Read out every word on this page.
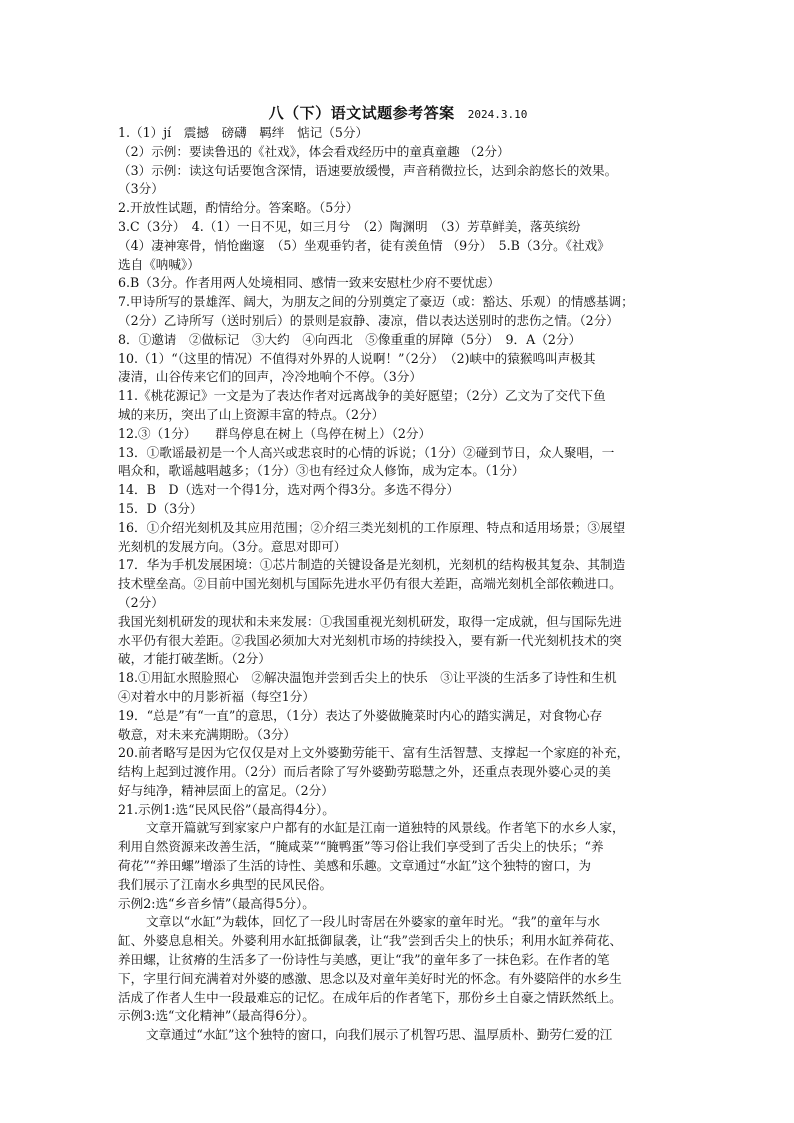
八（下）语文试题参考答案 2024.3.10
1.（1）jí　震撼　磅礴　羁绊　惦记（5分）
（2）示例：要读鲁迅的《社戏》，体会看戏经历中的童真童趣 （2分）
（3）示例：读这句话要饱含深情，语速要放缓慢，声音稍微拉长，达到余韵悠长的效果。
（3分）
2.开放性试题，酌情给分。答案略。（5分）
3.C（3分）　4.（1）一日不见，如三月兮　（2）陶渊明　（3）芳草鲜美，落英缤纷
（4）凄神寒骨，悄怆幽邃　（5）坐观垂钓者，徒有羡鱼情 （9分）　5.B（3分。《社戏》
选自《呐喊》）
6.B（3分。作者用两人处境相同、感情一致来安慰杜少府不要忧虑）
7.甲诗所写的景雄浑、阔大，为朋友之间的分别奠定了豪迈（或：豁达、乐观）的情感基调；
（2分）乙诗所写（送时别后）的景则是寂静、凄凉，借以表达送别时的悲伤之情。（2分）
8．①邀请　②做标记　③大约　④向西北　⑤像重重的屏障（5分）　9．A（2分）
10.（1）“（这里的情况）不值得对外界的人说啊！”（2分）　（2)峡中的猿猴鸣叫声极其
凄清，山谷传来它们的回声，冷冷地响个不停。（3分）
11.《桃花源记》一文是为了表达作者对远离战争的美好愿望；（2分）乙文为了交代下鱼
城的来历，突出了山上资源丰富的特点。（2分）
12.③（1分）　　群鸟停息在树上（鸟停在树上）（2分）
13．①歌谣最初是一个人高兴或悲哀时的心情的诉说；（1分）②碰到节日，众人聚唱，一
唱众和，歌谣越唱越多；（1分）③也有经过众人修饰，成为定本。（1分）
14．B　D（选对一个得1分，选对两个得3分。多选不得分）
15．D（3分）
16．①介绍光刻机及其应用范围；②介绍三类光刻机的工作原理、特点和适用场景；③展望
光刻机的发展方向。（3分。意思对即可）
17．华为手机发展困境：①芯片制造的关键设备是光刻机，光刻机的结构极其复杂、其制造
技术壁垒高。②目前中国光刻机与国际先进水平仍有很大差距，高端光刻机全部依赖进口。
（2分）
我国光刻机研发的现状和未来发展：①我国重视光刻机研发，取得一定成就，但与国际先进
水平仍有很大差距。②我国必须加大对光刻机市场的持续投入，要有新一代光刻机技术的突
破，才能打破垄断。（2分）
18.①用缸水照脸照心　②解决温饱并尝到舌尖上的快乐　③让平淡的生活多了诗性和生机
④对着水中的月影祈福（每空1分）
19．“总是”有“一直”的意思，（1分）表达了外婆做腌菜时内心的踏实满足，对食物心存
敬意，对未来充满期盼。（3分）
20.前者略写是因为它仅仅是对上文外婆勤劳能干、富有生活智慧、支撑起一个家庭的补充，
结构上起到过渡作用。（2分）而后者除了写外婆勤劳聪慧之外，还重点表现外婆心灵的美
好与纯净，精神层面上的富足。（2分）
21.示例1:选“民风民俗”（最高得4分）。
文章开篇就写到家家户户都有的水缸是江南一道独特的风景线。作者笔下的水乡人家，
利用自然资源来改善生活，“腌咸菜”“腌鸭蛋”等习俗让我们享受到了舌尖上的快乐；“养
荷花”“养田螺”增添了生活的诗性、美感和乐趣。文章通过“水缸”这个独特的窗口，为
我们展示了江南水乡典型的民风民俗。
示例2:选“乡音乡情”（最高得5分）。
文章以“水缸”为载体，回忆了一段儿时寄居在外婆家的童年时光。“我”的童年与水
缸、外婆息息相关。外婆利用水缸抵御鼠袭，让“我”尝到舌尖上的快乐；利用水缸养荷花、
养田螺，让贫瘠的生活多了一份诗性与美感，更让“我”的童年多了一抹色彩。在作者的笔
下，字里行间充满着对外婆的感激、思念以及对童年美好时光的怀念。有外婆陪伴的水乡生
活成了作者人生中一段最难忘的记忆。在成年后的作者笔下，那份乡土自豪之情跃然纸上。
示例3:选“文化精神”（最高得6分）。
文章通过“水缸”这个独特的窗口，向我们展示了机智巧思、温厚质朴、勤劳仁爱的江
